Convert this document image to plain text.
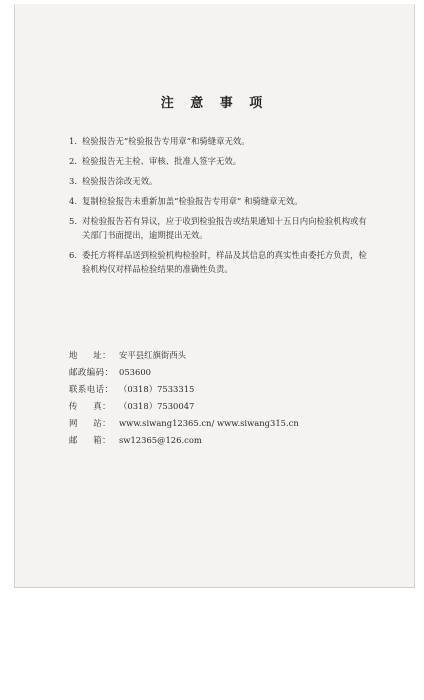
注 意 事 项
1. 检验报告无“检验报告专用章”和骑缝章无效。
2. 检验报告无主检、审核、批准人签字无效。
3. 检验报告涂改无效。
4. 复制检验报告未重新加盖“检验报告专用章” 和骑缝章无效。
5. 对检验报告若有异议，应于收到检验报告或结果通知十五日内向检验机构或有关部门书面提出，逾期提出无效。
6. 委托方将样品送到检验机构检验时，样品及其信息的真实性由委托方负责，检验机构仅对样品检验结果的准确性负责。
地 址： 安平县红旗街西头
邮政编码： 053600
联系电话： （0318）7533315
传 真： （0318）7530047
网 站： www.siwang12365.cn/ www.siwang315.cn
邮 箱： sw12365@126.com
